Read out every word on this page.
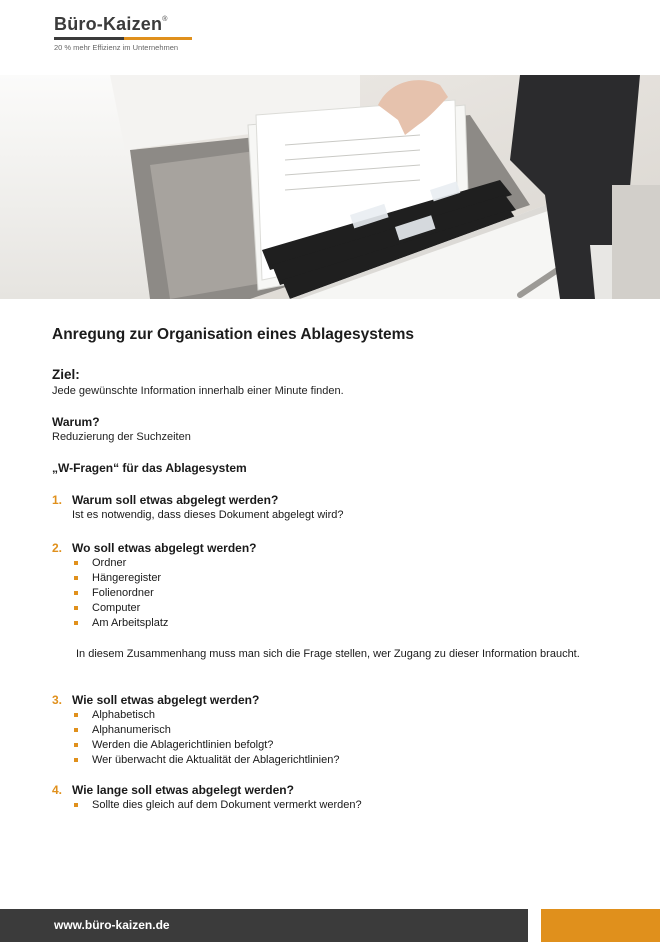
Büro-Kaizen®
20 % mehr Effizienz im Unternehmen
Anregung zur Organisation eines Ablagesystems
Ziel:
Jede gewünschte Information innerhalb einer Minute finden.
Warum?
Reduzierung der Suchzeiten
„W-Fragen“ für das Ablagesystem
1. Warum soll etwas abgelegt werden?
Ist es notwendig, dass dieses Dokument abgelegt wird?
2. Wo soll etwas abgelegt werden?
Ordner
Hängeregister
Folienordner
Computer
Am Arbeitsplatz
In diesem Zusammenhang muss man sich die Frage stellen, wer Zugang zu dieser Information braucht.
3. Wie soll etwas abgelegt werden?
Alphabetisch
Alphanumerisch
Werden die Ablagerichtlinien befolgt?
Wer überwacht die Aktualität der Ablagerichtlinien?
4. Wie lange soll etwas abgelegt werden?
Sollte dies gleich auf dem Dokument vermerkt werden?
www.büro-kaizen.de
